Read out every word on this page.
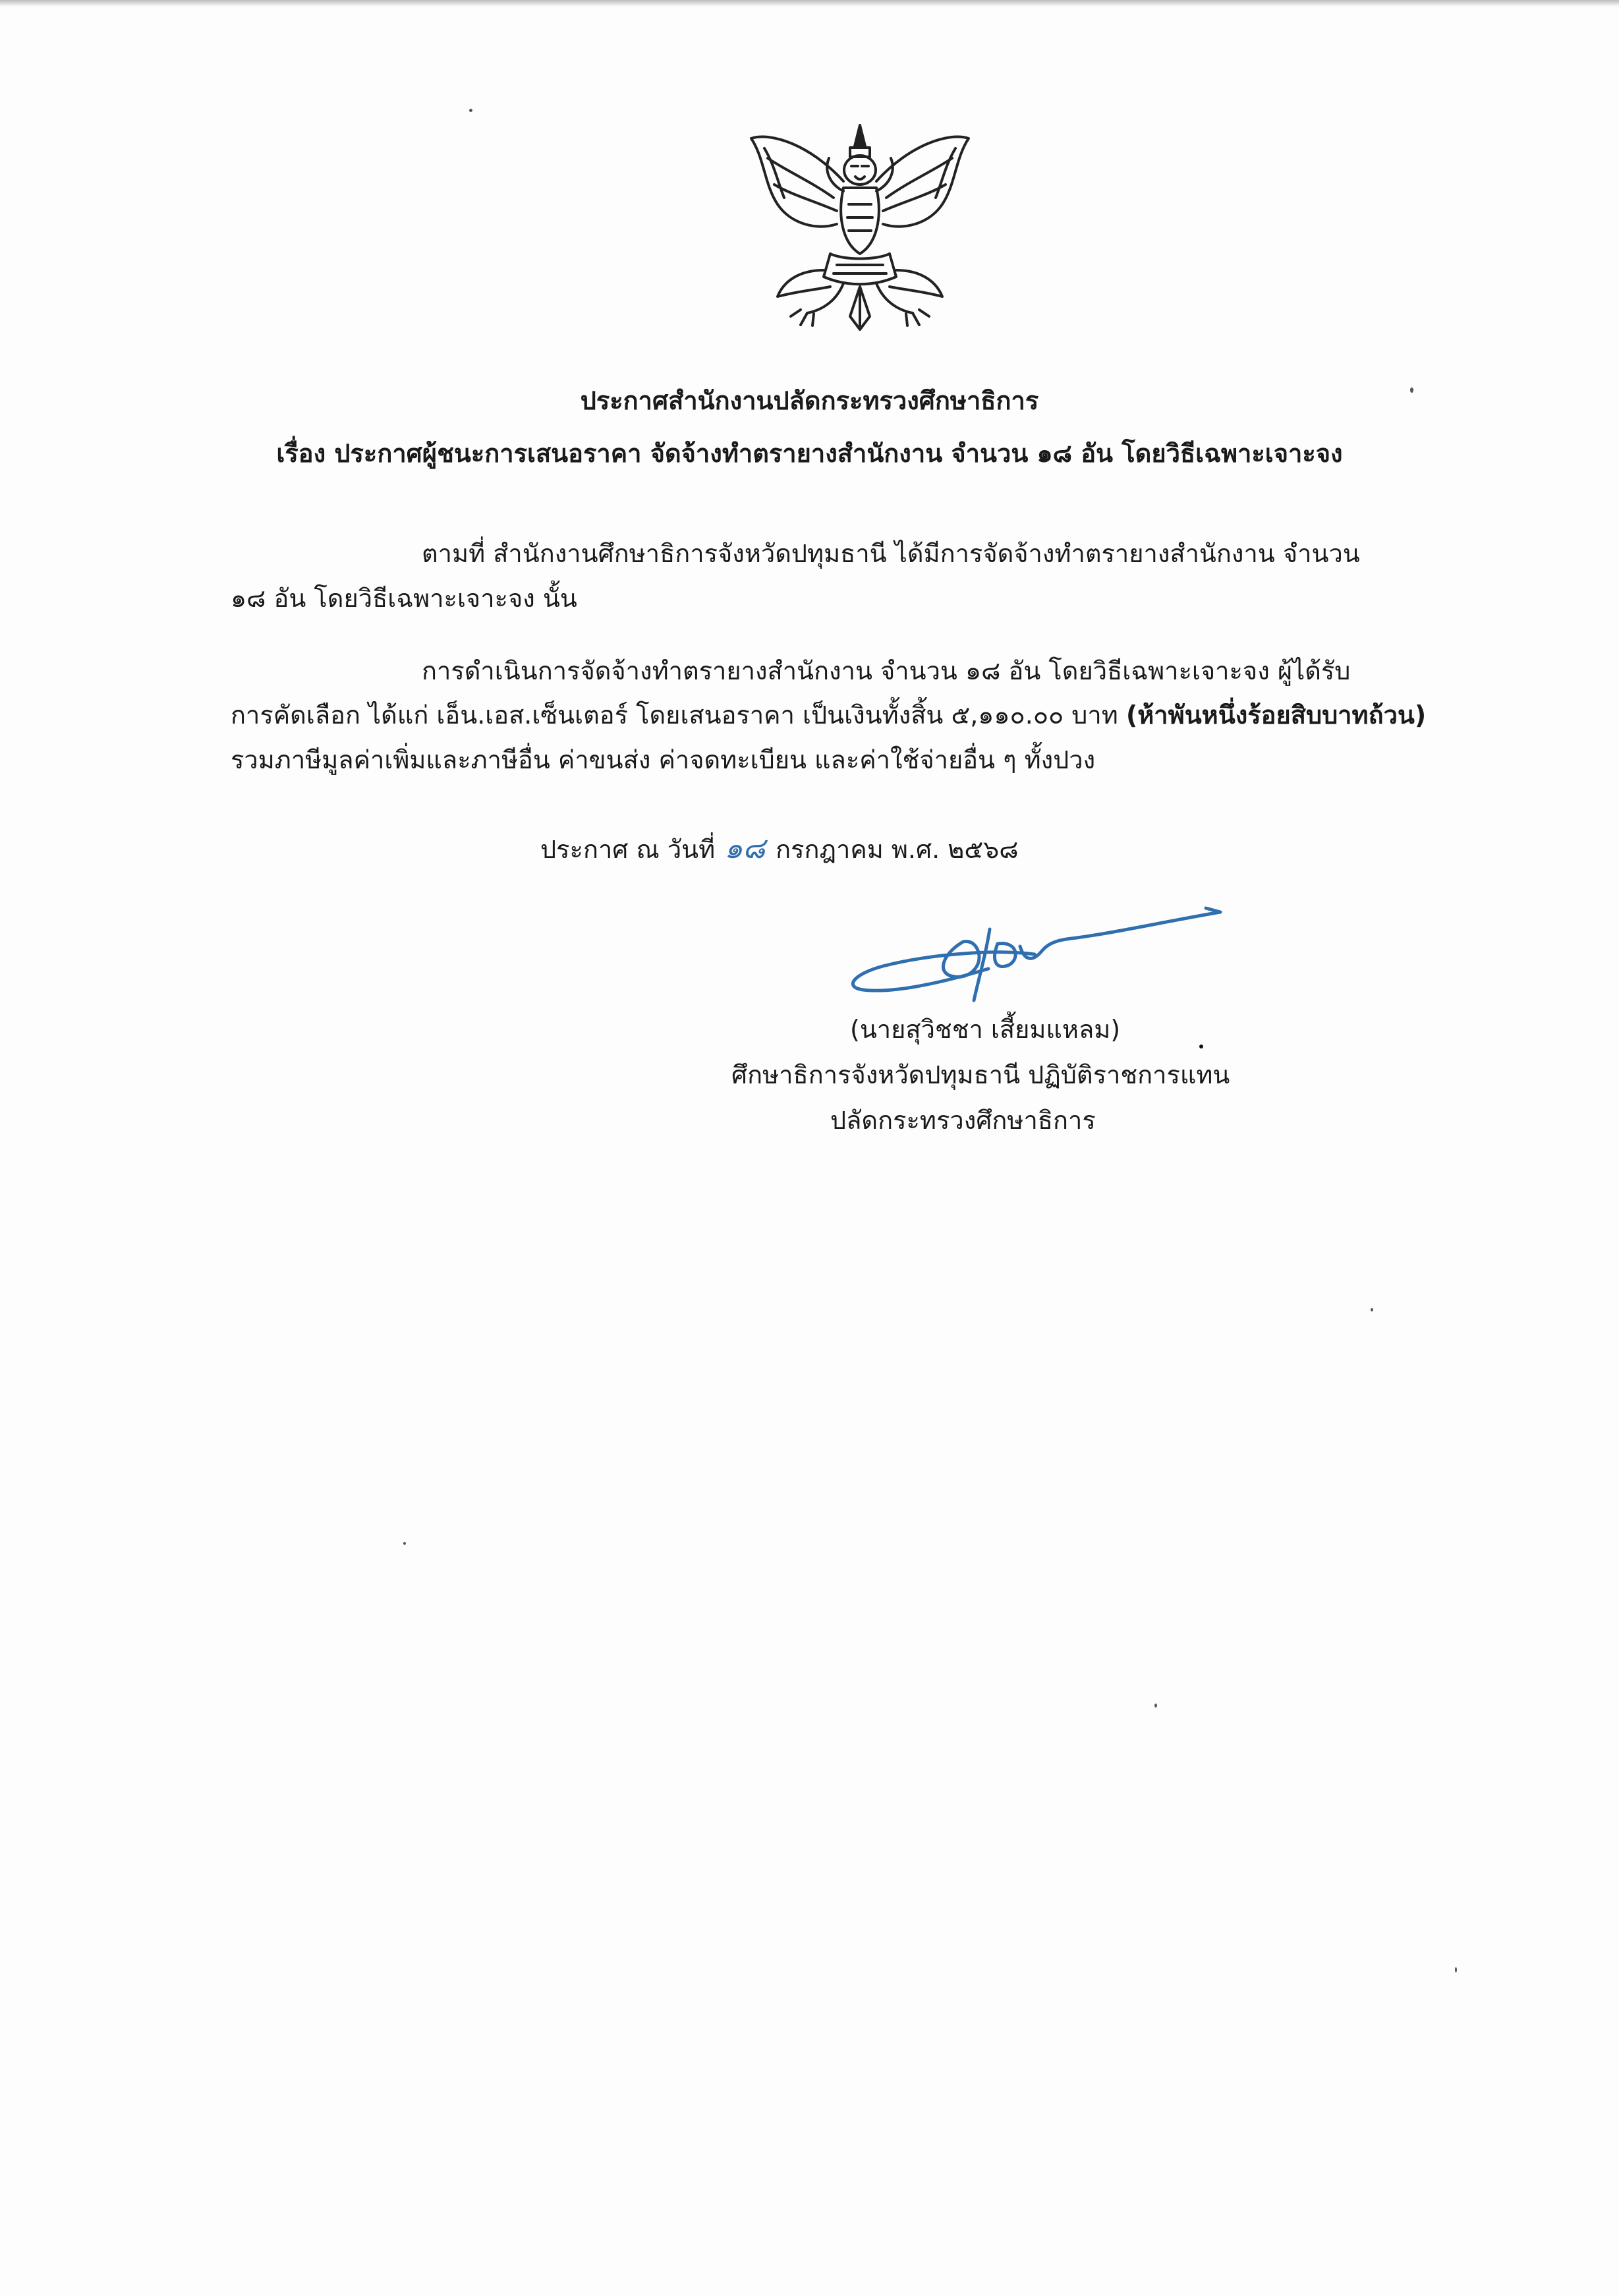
ประกาศสำนักงานปลัดกระทรวงศึกษาธิการ
เรื่อง ประกาศผู้ชนะการเสนอราคา จัดจ้างทำตรายางสำนักงาน จำนวน ๑๘ อัน โดยวิธีเฉพาะเจาะจง
ตามที่ สำนักงานศึกษาธิการจังหวัดปทุมธานี ได้มีการจัดจ้างทำตรายางสำนักงาน จำนวน
๑๘ อัน โดยวิธีเฉพาะเจาะจง นั้น
การดำเนินการจัดจ้างทำตรายางสำนักงาน จำนวน ๑๘ อัน โดยวิธีเฉพาะเจาะจง ผู้ได้รับ
การคัดเลือก ได้แก่ เอ็น.เอส.เซ็นเตอร์ โดยเสนอราคา เป็นเงินทั้งสิ้น ๕,๑๑๐.๐๐ บาท (ห้าพันหนึ่งร้อยสิบบาทถ้วน)
รวมภาษีมูลค่าเพิ่มและภาษีอื่น ค่าขนส่ง ค่าจดทะเบียน และค่าใช้จ่ายอื่น ๆ ทั้งปวง
ประกาศ ณ วันที่ ๑๘ กรกฎาคม พ.ศ. ๒๕๖๘
(นายสุวิชชา เสี้ยมแหลม)
ศึกษาธิการจังหวัดปทุมธานี ปฏิบัติราชการแทน
ปลัดกระทรวงศึกษาธิการ
